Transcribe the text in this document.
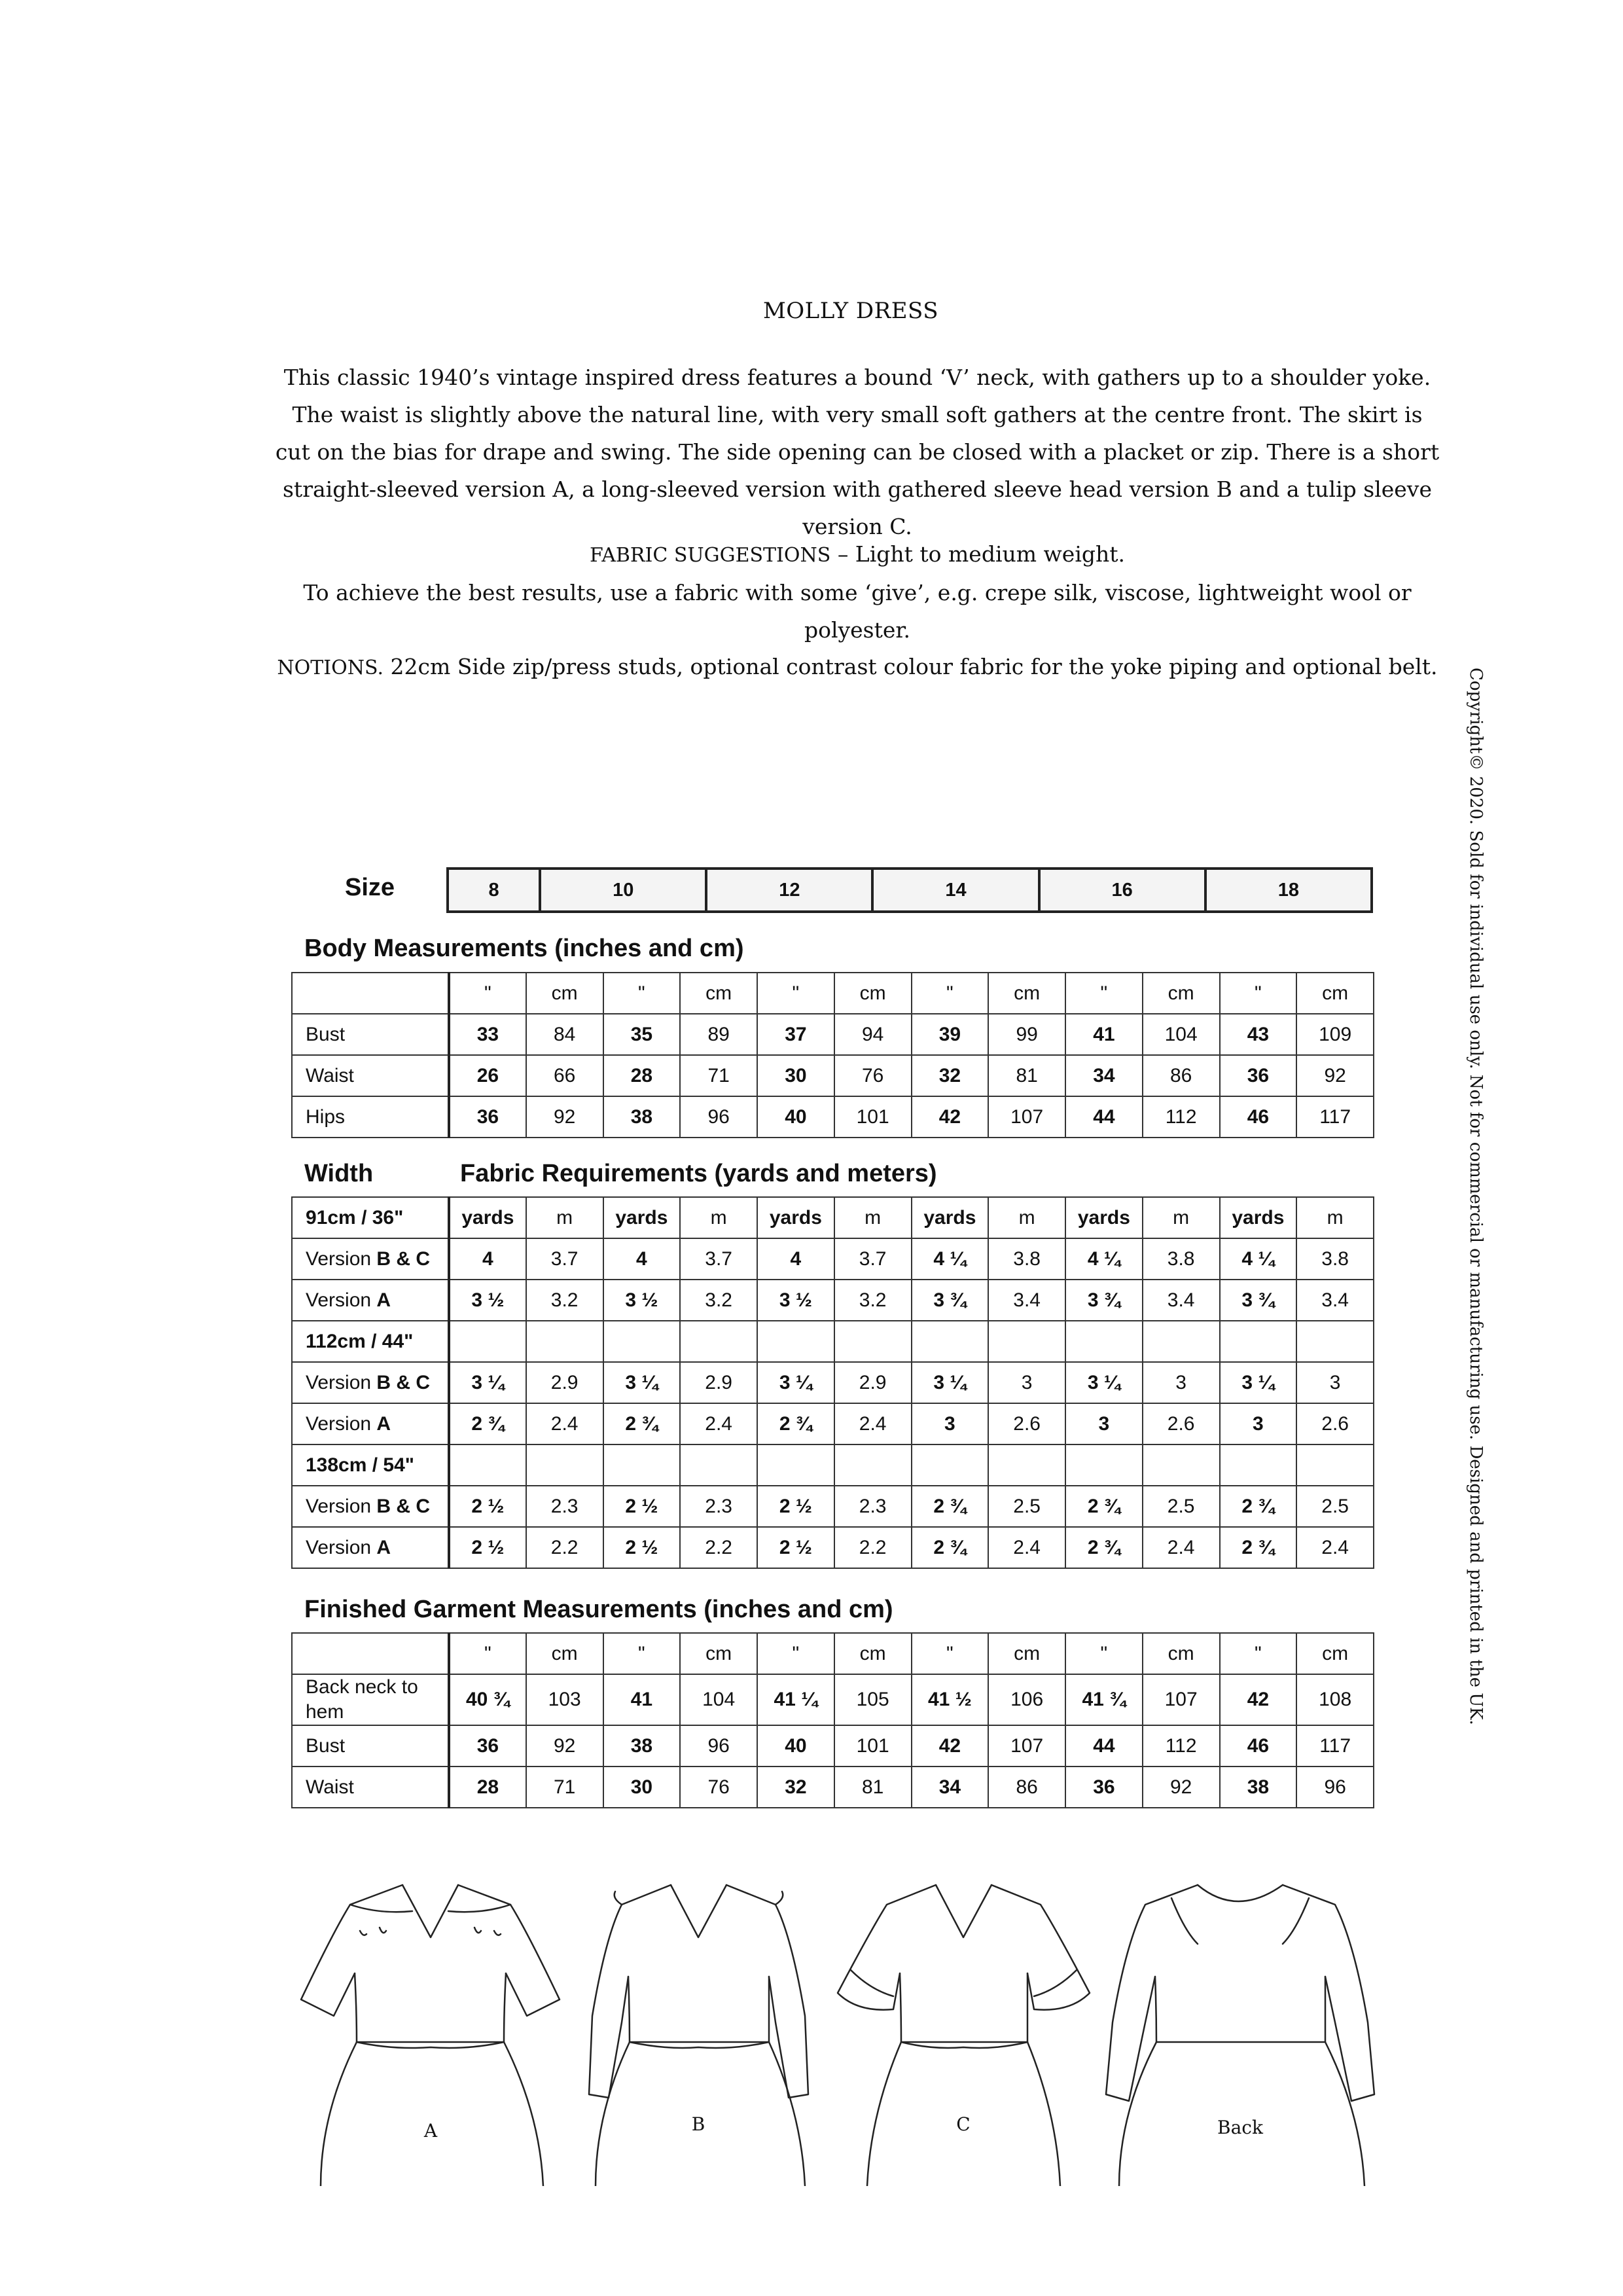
MOLLY DRESS
This classic 1940’s vintage inspired dress features a bound ‘V’ neck, with gathers up to a shoulder yoke. The waist is slightly above the natural line, with very small soft gathers at the centre front. The skirt is cut on the bias for drape and swing. The side opening can be closed with a placket or zip. There is a short straight-sleeved version A, a long-sleeved version with gathered sleeve head version B and a tulip sleeve version C.
FABRIC SUGGESTIONS – Light to medium weight.
To achieve the best results, use a fabric with some ‘give’, e.g. crepe silk, viscose, lightweight wool or polyester.
NOTIONS. 22cm Side zip/press studs, optional contrast colour fabric for the yoke piping and optional belt.
Copyright© 2020. Sold for individual use only. Not for commercial or manufacturing use. Designed and printed in the UK.
Size	8	10	12	14	16	18
Body Measurements (inches and cm)
	"	cm	"	cm	"	cm	"	cm	"	cm	"	cm
Bust	33	84	35	89	37	94	39	99	41	104	43	109
Waist	26	66	28	71	30	76	32	81	34	86	36	92
Hips	36	92	38	96	40	101	42	107	44	112	46	117
Width	Fabric Requirements (yards and meters)
91cm / 36"	yards	m	yards	m	yards	m	yards	m	yards	m	yards	m
Version B & C	4	3.7	4	3.7	4	3.7	4 ¼	3.8	4 ¼	3.8	4 ¼	3.8
Version A	3 ½	3.2	3 ½	3.2	3 ½	3.2	3 ¾	3.4	3 ¾	3.4	3 ¾	3.4
112cm / 44"												
Version B & C	3 ¼	2.9	3 ¼	2.9	3 ¼	2.9	3 ¼	3	3 ¼	3	3 ¼	3
Version A	2 ¾	2.4	2 ¾	2.4	2 ¾	2.4	3	2.6	3	2.6	3	2.6
138cm / 54"												
Version B & C	2 ½	2.3	2 ½	2.3	2 ½	2.3	2 ¾	2.5	2 ¾	2.5	2 ¾	2.5
Version A	2 ½	2.2	2 ½	2.2	2 ½	2.2	2 ¾	2.4	2 ¾	2.4	2 ¾	2.4
Finished Garment Measurements (inches and cm)
	"	cm	"	cm	"	cm	"	cm	"	cm	"	cm
Back neck to hem	40 ¾	103	41	104	41 ¼	105	41 ½	106	41 ¾	107	42	108
Bust	36	92	38	96	40	101	42	107	44	112	46	117
Waist	28	71	30	76	32	81	34	86	36	92	38	96
A	B	C	Back
